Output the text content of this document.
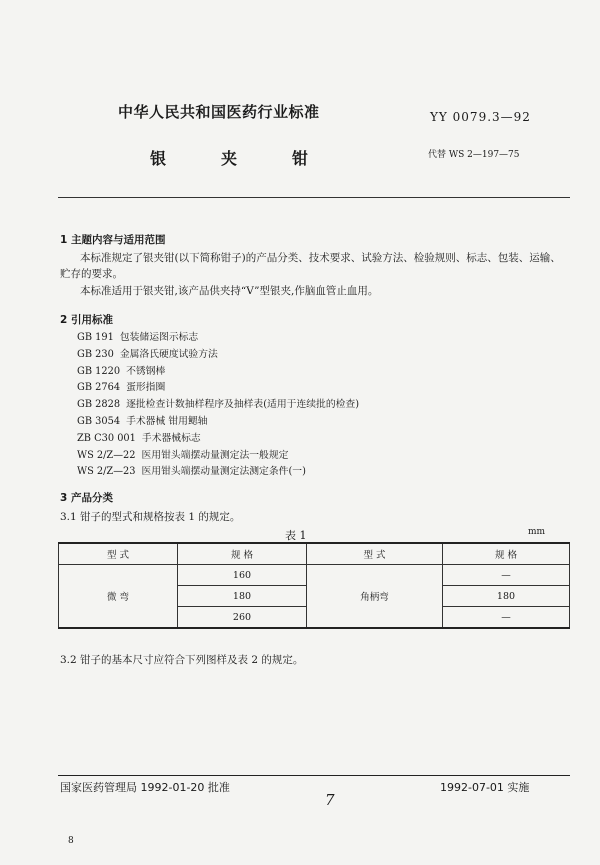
中华人民共和国医药行业标准	YY 0079.3—92
银夹钳	代替 WS 2—197—75
1 主题内容与适用范围
本标准规定了银夹钳(以下简称钳子)的产品分类、技术要求、试验方法、检验规则、标志、包装、运输、贮存的要求。
本标准适用于银夹钳,该产品供夹持“V”型银夹,作脑血管止血用。
2 引用标准
GB 191 包装储运图示标志
GB 230 金属洛氏硬度试验方法
GB 1220 不锈钢棒
GB 2764 蛋形指圈
GB 2828 逐批检查计数抽样程序及抽样表(适用于连续批的检查)
GB 3054 手术器械 钳用鳃轴
ZB C30 001 手术器械标志
WS 2/Z—22 医用钳头端摆动量测定法一般规定
WS 2/Z—23 医用钳头端摆动量测定法测定条件(一)
3 产品分类
3.1 钳子的型式和规格按表 1 的规定。
表 1	mm
型 式	规 格	型 式	规 格
微 弯	160	角柄弯	—
	180		180
	260		—
3.2 钳子的基本尺寸应符合下列图样及表 2 的规定。
国家医药管理局 1992-01-20 批准	1992-07-01 实施
7
8
